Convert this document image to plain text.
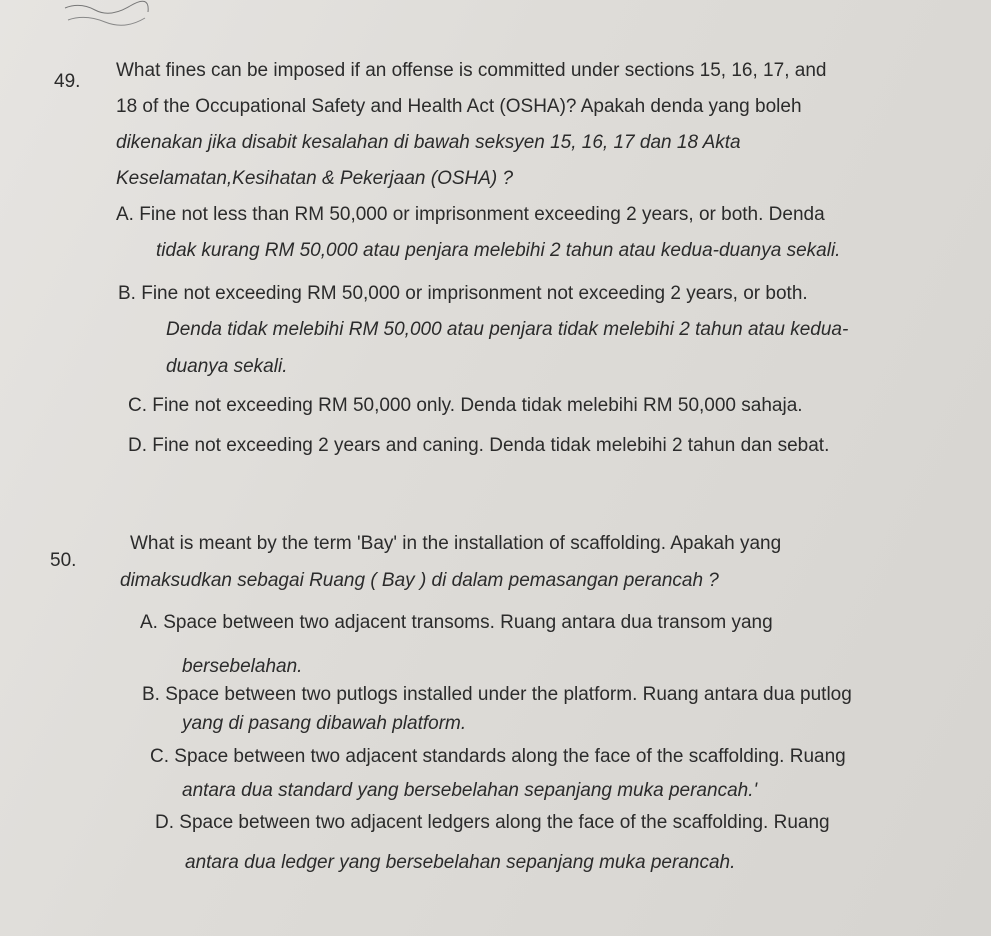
49.
What fines can be imposed if an offense is committed under sections 15, 16, 17, and
18 of the Occupational Safety and Health Act (OSHA)? Apakah denda yang boleh
dikenakan jika disabit kesalahan di bawah seksyen 15, 16, 17 dan 18 Akta
Keselamatan,Kesihatan & Pekerjaan (OSHA) ?
A. Fine not less than RM 50,000 or imprisonment exceeding 2 years, or both. Denda
tidak kurang RM 50,000 atau penjara melebihi 2 tahun atau kedua-duanya sekali.
B. Fine not exceeding RM 50,000 or imprisonment not exceeding 2 years, or both.
Denda tidak melebihi RM 50,000 atau penjara tidak melebihi 2 tahun atau kedua-
duanya sekali.
C. Fine not exceeding RM 50,000 only. Denda tidak melebihi RM 50,000 sahaja.
D. Fine not exceeding 2 years and caning. Denda tidak melebihi 2 tahun dan sebat.
50.
What is meant by the term 'Bay' in the installation of scaffolding. Apakah yang
dimaksudkan sebagai Ruang ( Bay ) di dalam pemasangan perancah ?
A. Space between two adjacent transoms. Ruang antara dua transom yang
bersebelahan.
B. Space between two putlogs installed under the platform. Ruang antara dua putlog
yang di pasang dibawah platform.
C. Space between two adjacent standards along the face of the scaffolding. Ruang
antara dua standard yang bersebelahan sepanjang muka perancah.'
D. Space between two adjacent ledgers along the face of the scaffolding. Ruang
antara dua ledger yang bersebelahan sepanjang muka perancah.
